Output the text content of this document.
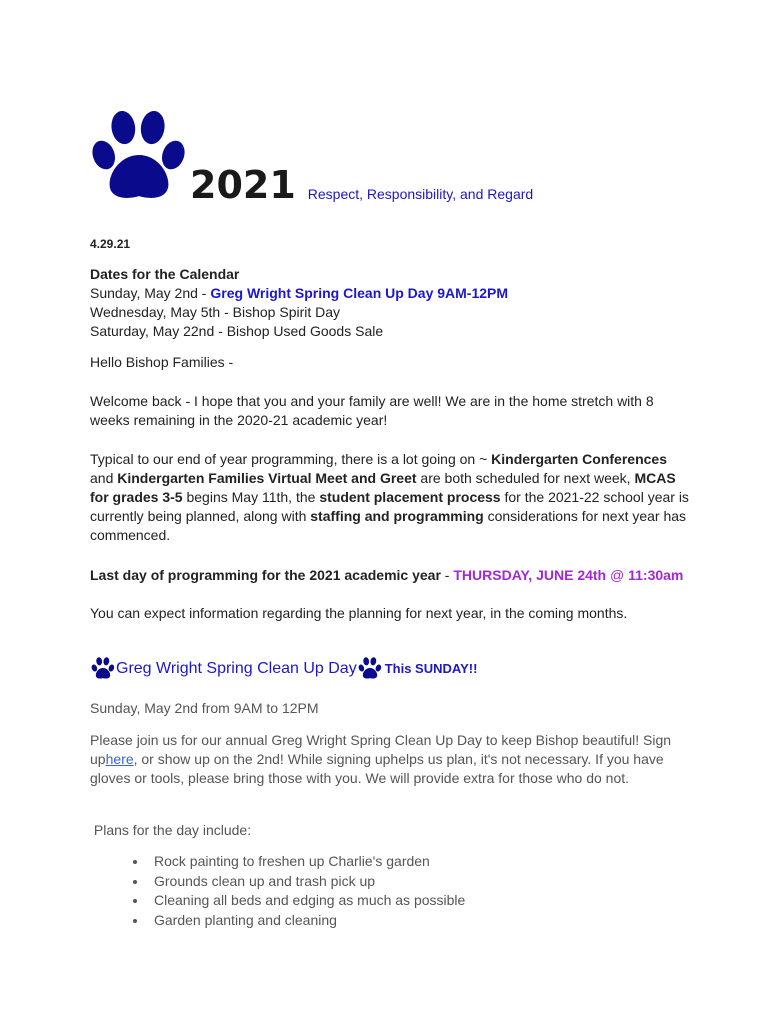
2021 Respect, Responsibility, and Regard
4.29.21
Dates for the Calendar
Sunday, May 2nd - Greg Wright Spring Clean Up Day 9AM-12PM
Wednesday, May 5th - Bishop Spirit Day
Saturday, May 22nd - Bishop Used Goods Sale
Hello Bishop Families -
Welcome back - I hope that you and your family are well! We are in the home stretch with 8 weeks remaining in the 2020-21 academic year!
Typical to our end of year programming, there is a lot going on ~ Kindergarten Conferences and Kindergarten Families Virtual Meet and Greet are both scheduled for next week, MCAS for grades 3-5 begins May 11th, the student placement process for the 2021-22 school year is currently being planned, along with staffing and programming considerations for next year has commenced.
Last day of programming for the 2021 academic year - THURSDAY, JUNE 24th @ 11:30am
You can expect information regarding the planning for next year, in the coming months.
Greg Wright Spring Clean Up Day This SUNDAY!!
Sunday, May 2nd from 9AM to 12PM
Please join us for our annual Greg Wright Spring Clean Up Day to keep Bishop beautiful! Sign uphere, or show up on the 2nd! While signing uphelps us plan, it's not necessary. If you have gloves or tools, please bring those with you. We will provide extra for those who do not.
Plans for the day include:
• Rock painting to freshen up Charlie's garden
• Grounds clean up and trash pick up
• Cleaning all beds and edging as much as possible
• Garden planting and cleaning
